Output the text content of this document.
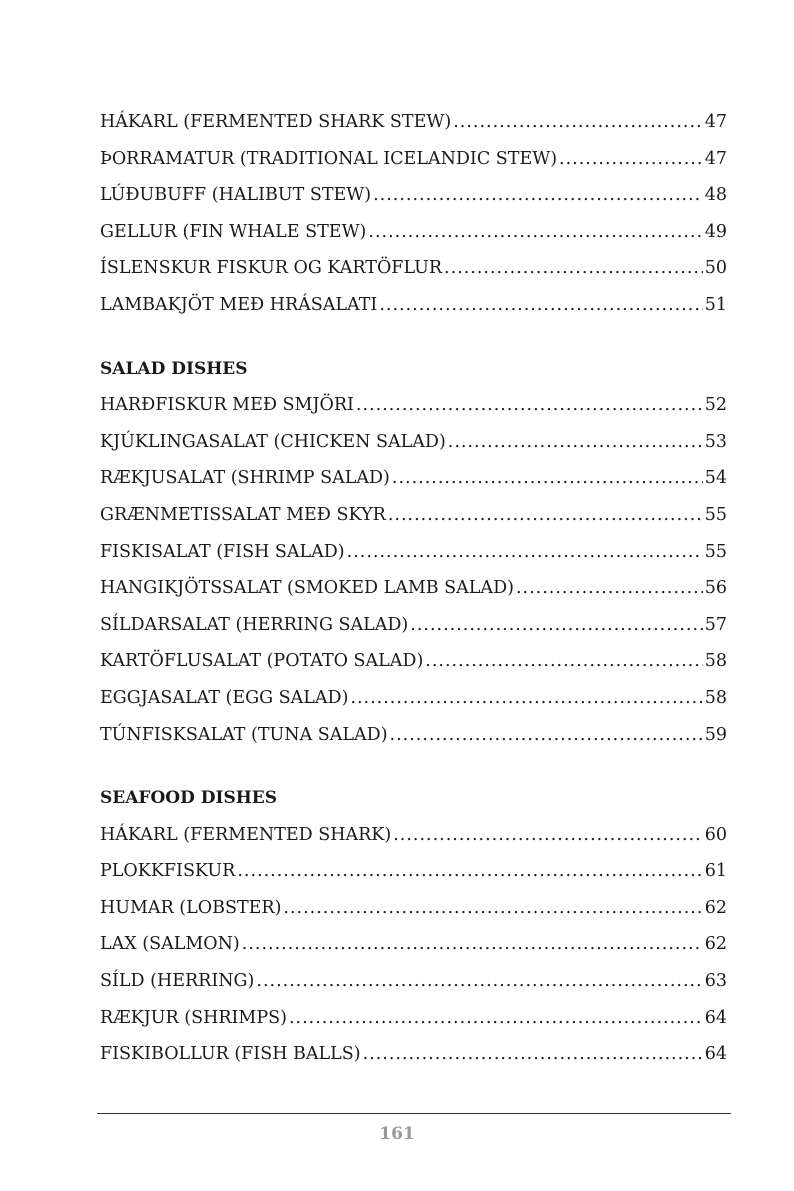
HÁKARL (FERMENTED SHARK STEW) .....	47
ÞORRAMATUR (TRADITIONAL ICELANDIC STEW) .....	47
LÚÐUBUFF (HALIBUT STEW) .....	48
GELLUR (FIN WHALE STEW) .....	49
ÍSLENSKUR FISKUR OG KARTÖFLUR .....	50
LAMBAKJÖT MEÐ HRÁSALATI .....	51
SALAD DISHES
HARÐFISKUR MEÐ SMJÖRI .....	52
KJÚKLINGASALAT (CHICKEN SALAD) .....	53
RÆKJUSALAT (SHRIMP SALAD) .....	54
GRÆNMETISSALAT MEÐ SKYR .....	55
FISKISALAT (FISH SALAD) .....	55
HANGIKJÖTSSALAT (SMOKED LAMB SALAD) .....	56
SÍLDARSALAT (HERRING SALAD) .....	57
KARTÖFLUSALAT (POTATO SALAD) .....	58
EGGJASALAT (EGG SALAD) .....	58
TÚNFISKSALAT (TUNA SALAD) .....	59
SEAFOOD DISHES
HÁKARL (FERMENTED SHARK) .....	60
PLOKKFISKUR .....	61
HUMAR (LOBSTER) .....	62
LAX (SALMON) .....	62
SÍLD (HERRING) .....	63
RÆKJUR (SHRIMPS) .....	64
FISKIBOLLUR (FISH BALLS) .....	64
161
